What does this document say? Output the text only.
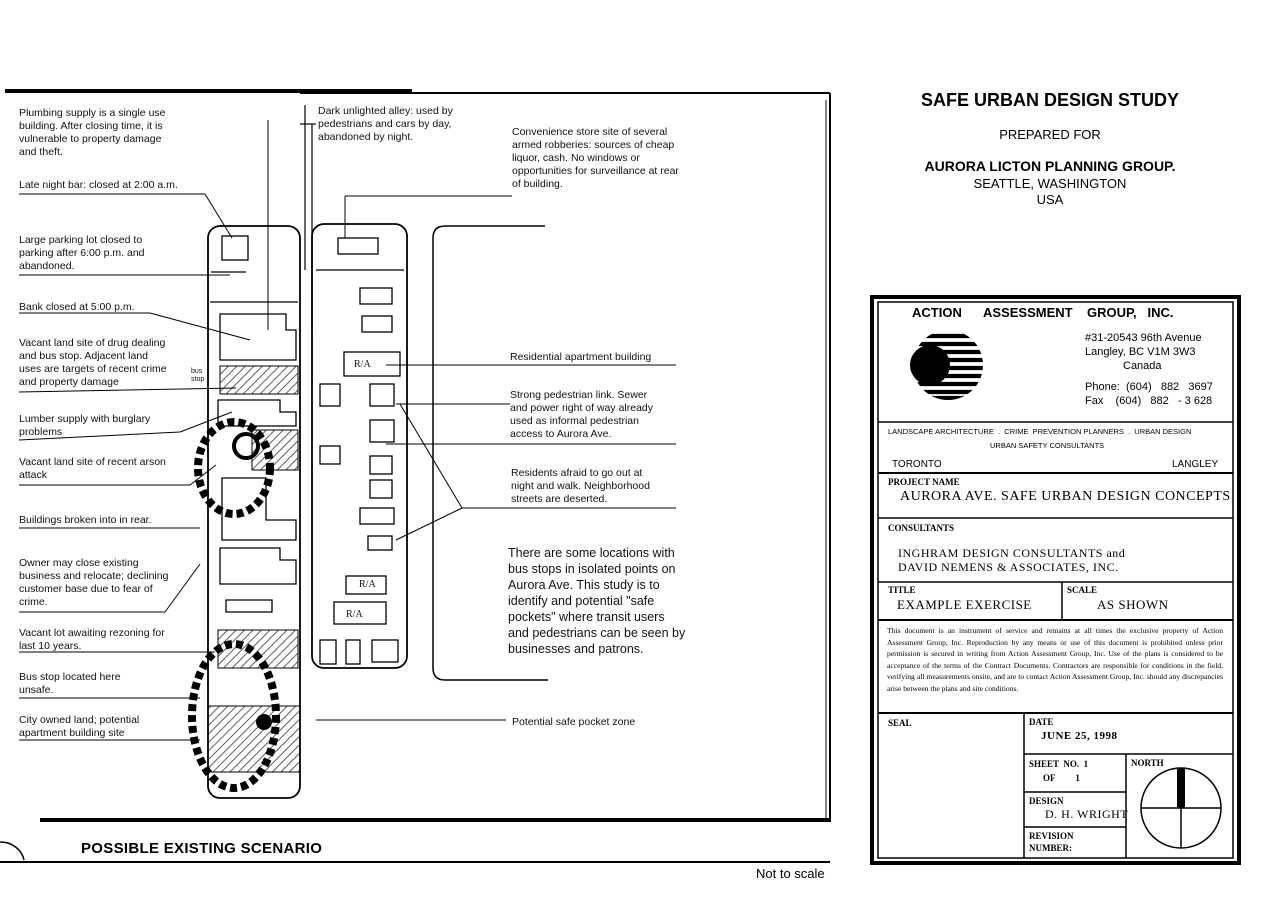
Plumbing supply is a single use
building. After closing time, it is
vulnerable to property damage
and theft.
Late night bar: closed at 2:00 a.m.
Large parking lot closed to
parking after 6:00 p.m. and
abandoned.
Bank closed at 5:00 p.m.
Vacant land site of drug dealing
and bus stop. Adjacent land
uses are targets of recent crime
and property damage
Lumber supply with burglary
problems
Vacant land site of recent arson
attack
Buildings broken into in rear.
Owner may close existing
business and relocate; declining
customer base due to fear of
crime.
Vacant lot awaiting rezoning for
last 10 years.
Bus stop located here
unsafe.
City owned land; potential
apartment building site
bus
stop
R/A
R/A
R/A
Dark unlighted alley: used by
pedestrians and cars by day,
abandoned by night.	Convenience store site of several
armed robberies: sources of cheap
liquor, cash. No windows or
opportunities for surveillance at rear
of building.
Residential apartment building
Strong pedestrian link. Sewer
and power right of way already
used as informal pedestrian
access to Aurora Ave.
Residents afraid to go out at
night and walk. Neighborhood
streets are deserted.
Potential safe pocket zone
There are some locations with
bus stops in isolated points on
Aurora Ave. This study is to
identify and potential "safe
pockets" where transit users
and pedestrians can be seen by
businesses and patrons.
POSSIBLE EXISTING SCENARIO
Not to scale
SAFE URBAN DESIGN STUDY
PREPARED FOR
AURORA LICTON PLANNING GROUP.
SEATTLE, WASHINGTON
USA
ACTION      ASSESSMENT    GROUP,   INC.
#31-20543 96th Avenue
Langley, BC V1M 3W3
Canada
Phone:  (604)   882   3697
Fax    (604)   882   - 3 628
LANDSCAPE ARCHITECTURE  .  CRIME  PREVENTION PLANNERS  .  URBAN DESIGN
URBAN SAFETY CONSULTANTS
TORONTO	LANGLEY
PROJECT NAME
AURORA AVE. SAFE URBAN DESIGN CONCEPTS
CONSULTANTS
INGHRAM DESIGN CONSULTANTS and
DAVID NEMENS & ASSOCIATES, INC.
TITLE
EXAMPLE EXERCISE
SCALE
AS SHOWN
This document is an instrument of service and remains at all times the exclusive property of Action Assessment Group, Inc. Reproduction by any means or use of this document is prohibited unless prior permission is secured in writing from Action Assessment Group, Inc. Use of the plans is considered to be acceptance of the terms of the Contract Documents. Contractors are responsible for conditions in the field, verifying all measurements onsite, and are to contact Action Assessment Group, Inc. should any discrepancies arise between the plans and site conditions.
SEAL	DATE
JUNE 25, 1998
SHEET  NO.  1
OF         1
NORTH
DESIGN
D. H. WRIGHT
REVISION
NUMBER:
